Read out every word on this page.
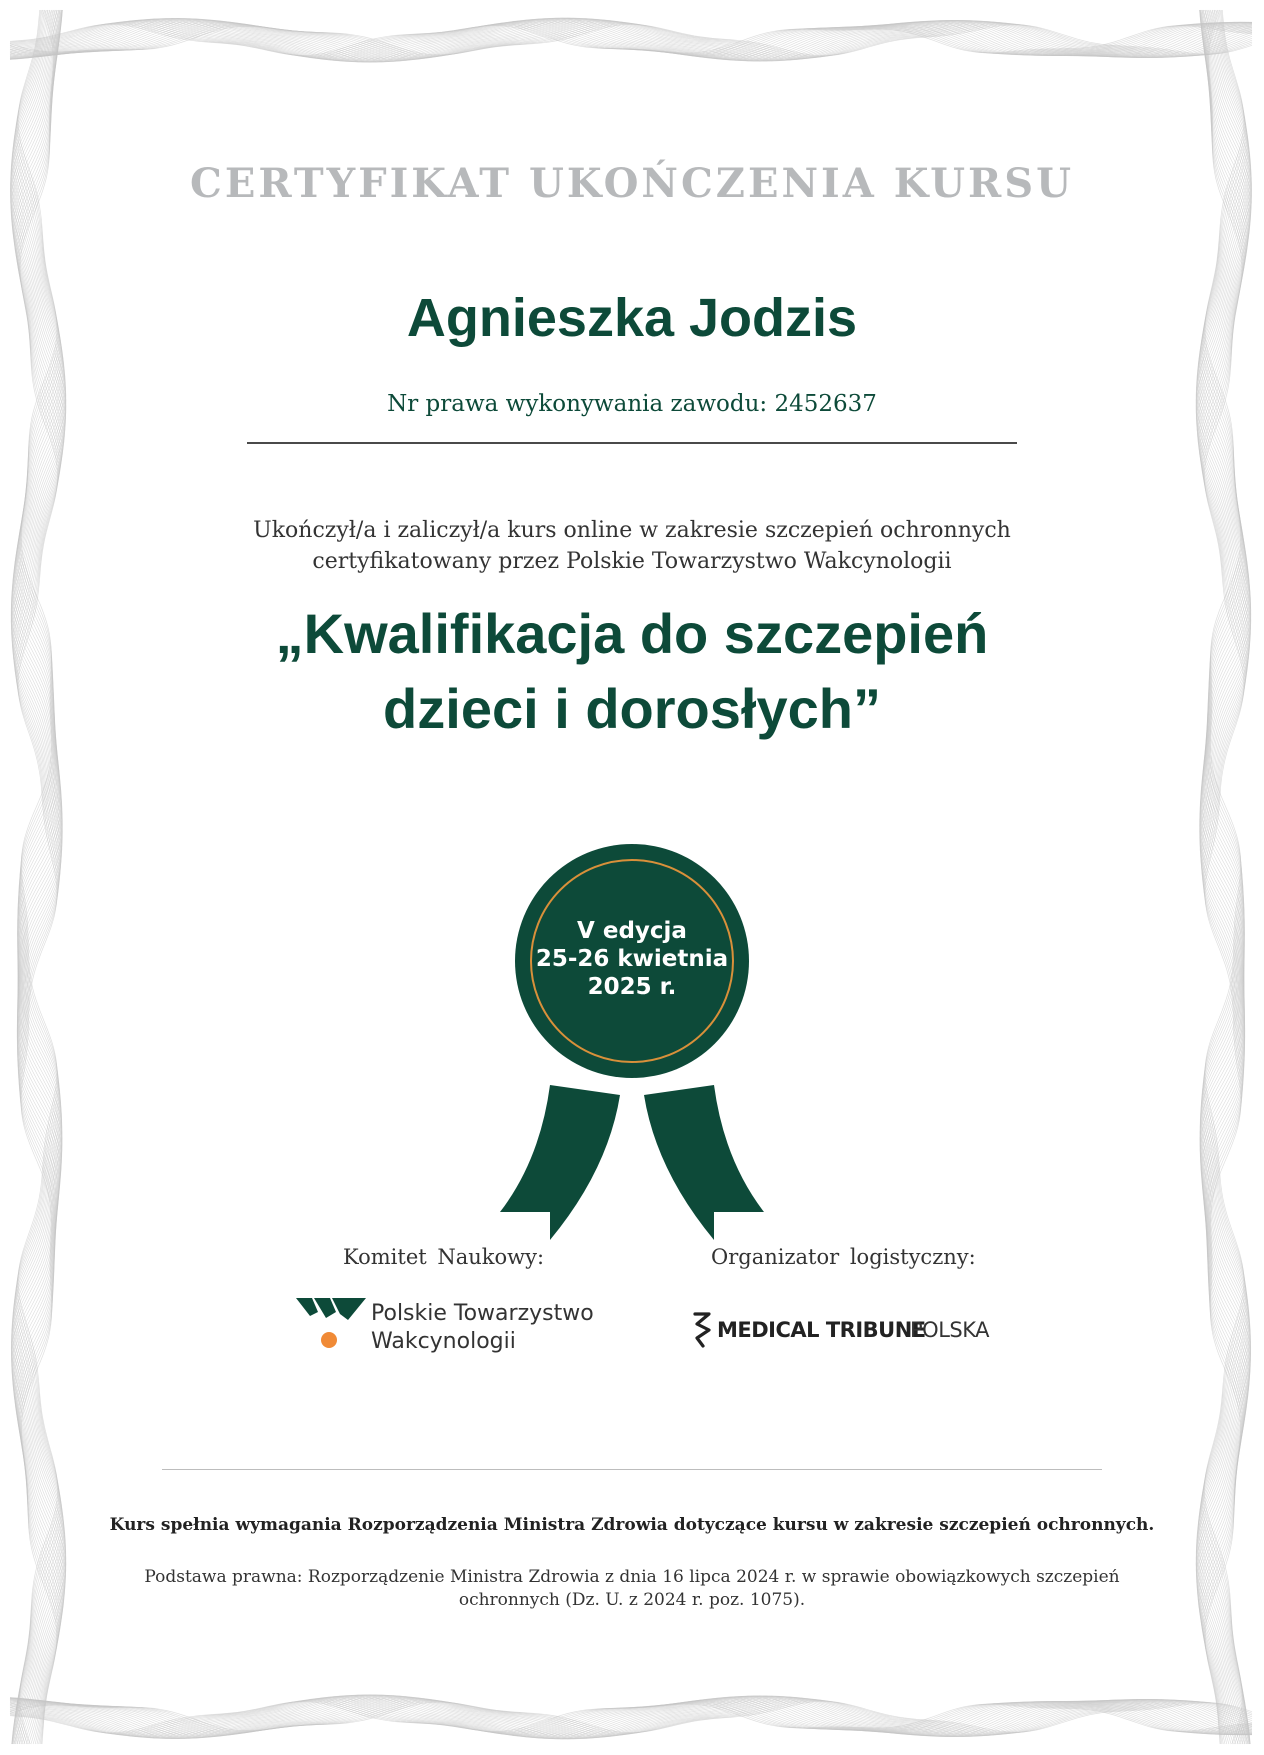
CERTYFIKAT UKOŃCZENIA KURSU
Agnieszka Jodzis
Nr prawa wykonywania zawodu: 2452637
Ukończył/a i zaliczył/a kurs online w zakresie szczepień ochronnych
certyfikatowany przez Polskie Towarzystwo Wakcynologii
„Kwalifikacja do szczepień
dzieci i dorosłych”
V edycja
25-26 kwietnia
2025 r.
Komitet Naukowy:	Organizator logistyczny:
Polskie Towarzystwo
Wakcynologii	MEDICAL TRIBUNE
POLSKA
Kurs spełnia wymagania Rozporządzenia Ministra Zdrowia dotyczące kursu w zakresie szczepień ochronnych.
Podstawa prawna: Rozporządzenie Ministra Zdrowia z dnia 16 lipca 2024 r. w sprawie obowiązkowych szczepień
ochronnych (Dz. U. z 2024 r. poz. 1075).
